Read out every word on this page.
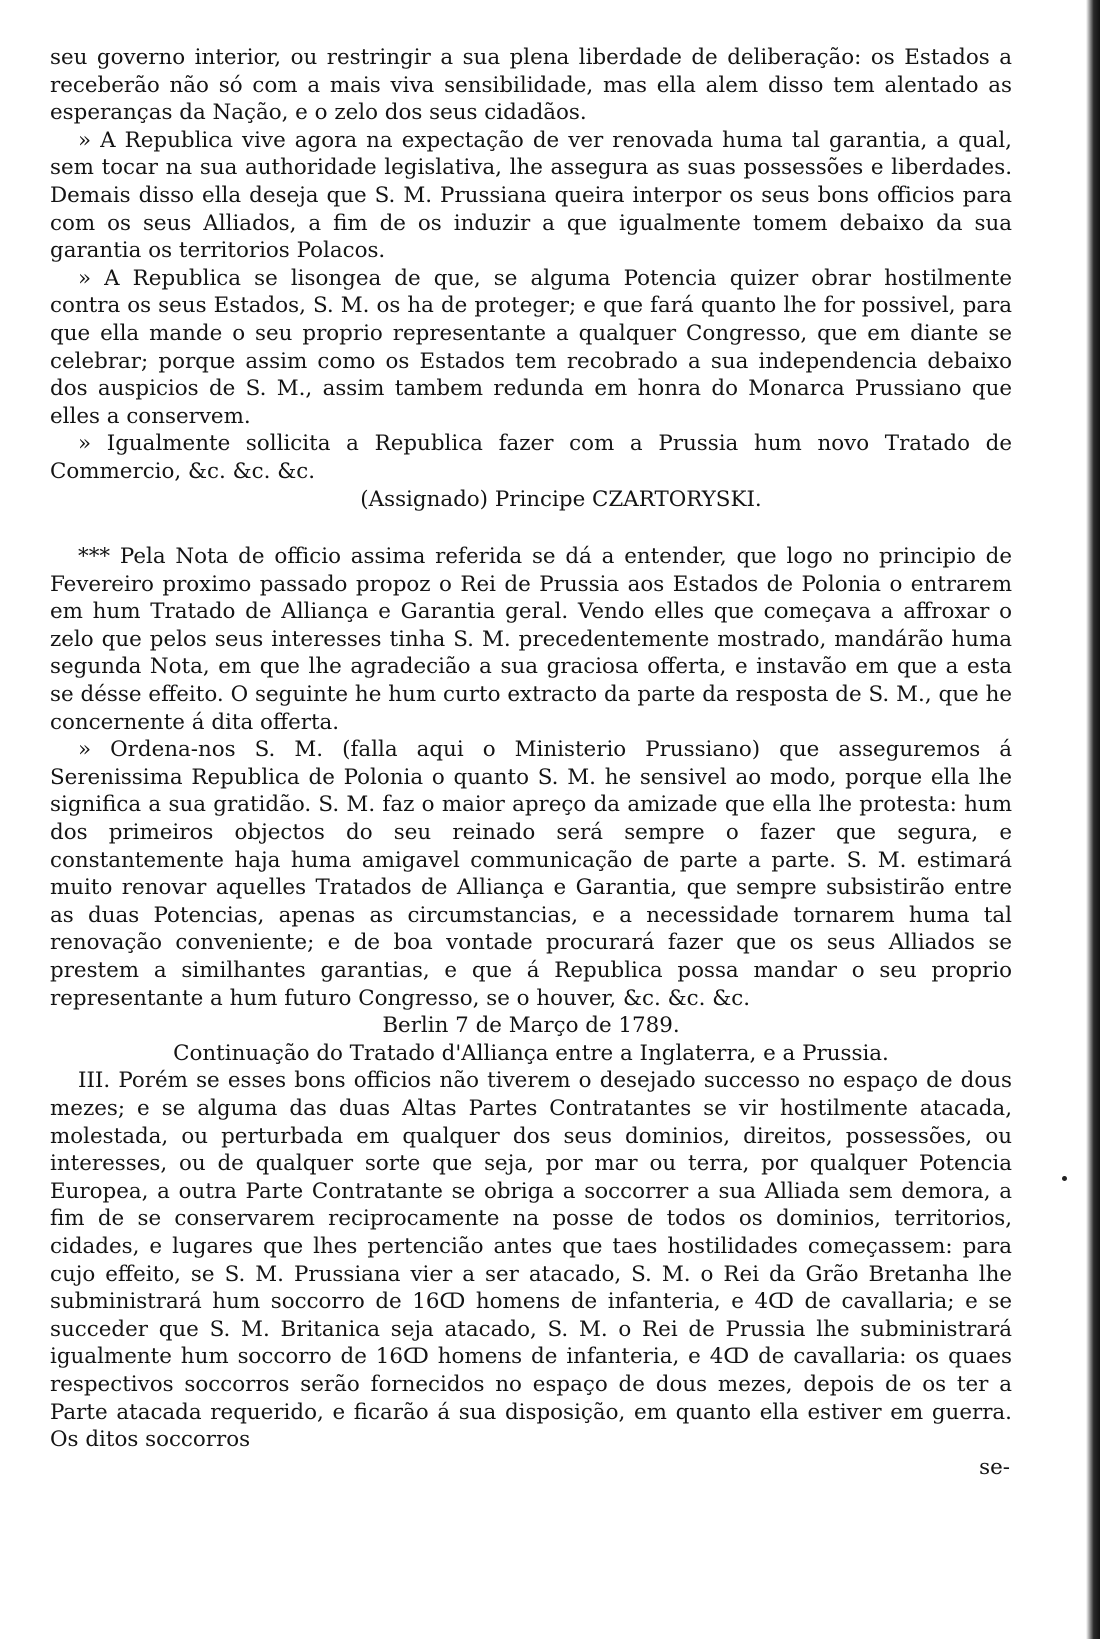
seu governo interior, ou restringir a sua plena liberdade de deliberação: os Estados a receberão não só com a mais viva sensibilidade, mas ella alem disso tem alentado as esperanças da Nação, e o zelo dos seus cidadãos.

» A Republica vive agora na expectação de ver renovada huma tal garantia, a qual, sem tocar na sua authoridade legislativa, lhe assegura as suas possessões e liberdades. Demais disso ella deseja que S. M. Prussiana queira interpor os seus bons officios para com os seus Alliados, a fim de os induzir a que igualmente tomem debaixo da sua garantia os territorios Polacos.

» A Republica se lisongea de que, se alguma Potencia quizer obrar hostilmente contra os seus Estados, S. M. os ha de proteger; e que fará quanto lhe for possivel, para que ella mande o seu proprio representante a qualquer Congresso, que em diante se celebrar; porque assim como os Estados tem recobrado a sua independencia debaixo dos auspicios de S. M., assim tambem redunda em honra do Monarca Prussiano que elles a conservem.

» Igualmente sollicita a Republica fazer com a Prussia hum novo Tratado de Commercio, &c. &c. &c.

(Assignado) Principe CZARTORYSKI.

*** Pela Nota de officio assima referida se dá a entender, que logo no principio de Fevereiro proximo passado propoz o Rei de Prussia aos Estados de Polonia o entrarem em hum Tratado de Alliança e Garantia geral. Vendo elles que começava a affroxar o zelo que pelos seus interesses tinha S. M. precedentemente mostrado, mandárão huma segunda Nota, em que lhe agradecião a sua graciosa offerta, e instavão em que a esta se désse effeito. O seguinte he hum curto extracto da parte da resposta de S. M., que he concernente á dita offerta.

» Ordena-nos S. M. (falla aqui o Ministerio Prussiano) que asseguremos á Serenissima Republica de Polonia o quanto S. M. he sensivel ao modo, porque ella lhe significa a sua gratidão. S. M. faz o maior apreço da amizade que ella lhe protesta: hum dos primeiros objectos do seu reinado será sempre o fazer que segura, e constantemente haja huma amigavel communicação de parte a parte. S. M. estimará muito renovar aquelles Tratados de Alliança e Garantia, que sempre subsistirão entre as duas Potencias, apenas as circumstancias, e a necessidade tornarem huma tal renovação conveniente; e de boa vontade procurará fazer que os seus Alliados se prestem a similhantes garantias, e que á Republica possa mandar o seu proprio representante a hum futuro Congresso, se o houver, &c. &c. &c.

Berlin 7 de Março de 1789.

Continuação do Tratado d'Alliança entre a Inglaterra, e a Prussia.

III. Porém se esses bons officios não tiverem o desejado successo no espaço de dous mezes; e se alguma das duas Altas Partes Contratantes se vir hostilmente atacada, molestada, ou perturbada em qualquer dos seus dominios, direitos, possessões, ou interesses, ou de qualquer sorte que seja, por mar ou terra, por qualquer Potencia Europea, a outra Parte Contratante se obriga a soccorrer a sua Alliada sem demora, a fim de se conservarem reciprocamente na posse de todos os dominios, territorios, cidades, e lugares que lhes pertencião antes que taes hostilidades começassem: para cujo effeito, se S. M. Prussiana vier a ser atacado, S. M. o Rei da Grão Bretanha lhe subministrará hum soccorro de 16ↀ homens de infanteria, e 4ↀ de cavallaria; e se succeder que S. M. Britanica seja atacado, S. M. o Rei de Prussia lhe subministrará igualmente hum soccorro de 16ↀ homens de infanteria, e 4ↀ de cavallaria: os quaes respectivos soccorros serão fornecidos no espaço de dous mezes, depois de os ter a Parte atacada requerido, e ficarão á sua disposição, em quanto ella estiver em guerra. Os ditos soccorros

se-
